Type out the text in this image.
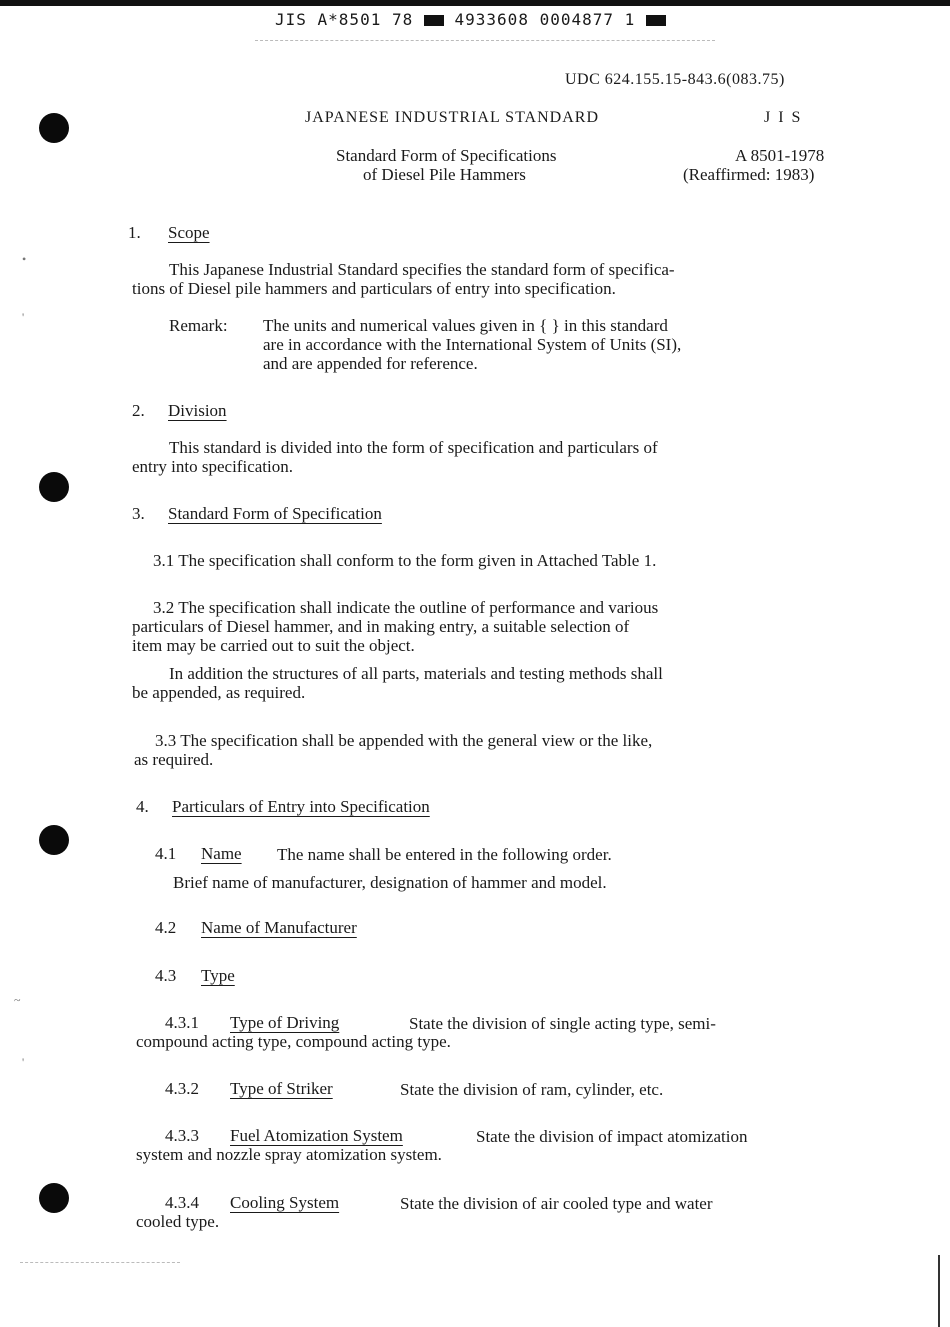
•
'
~
'
JIS A*8501 78	4933608 0004877 1
UDC 624.155.15-843.6(083.75)
JAPANESE INDUSTRIAL STANDARD	J I S
Standard Form of Specifications
of Diesel Pile Hammers
A 8501-1978
(Reaffirmed: 1983)
1. Scope
This Japanese Industrial Standard specifies the standard form of specifica-
tions of Diesel pile hammers and particulars of entry into specification.
Remark: The units and numerical values given in { } in this standard
are in accordance with the International System of Units (SI),
and are appended for reference.
2. Division
This standard is divided into the form of specification and particulars of
entry into specification.
3. Standard Form of Specification
3.1 The specification shall conform to the form given in Attached Table 1.
3.2 The specification shall indicate the outline of performance and various
particulars of Diesel hammer, and in making entry, a suitable selection of
item may be carried out to suit the object.
In addition the structures of all parts, materials and testing methods shall
be appended, as required.
3.3 The specification shall be appended with the general view or the like,
as required.
4. Particulars of Entry into Specification
4.1 Name The name shall be entered in the following order.
Brief name of manufacturer, designation of hammer and model.
4.2 Name of Manufacturer
4.3 Type
4.3.1 Type of Driving	State the division of single acting type, semi-
compound acting type, compound acting type.
4.3.2 Type of Striker	State the division of ram, cylinder, etc.
4.3.3 Fuel Atomization System	State the division of impact atomization
system and nozzle spray atomization system.
4.3.4 Cooling System	State the division of air cooled type and water
cooled type.
